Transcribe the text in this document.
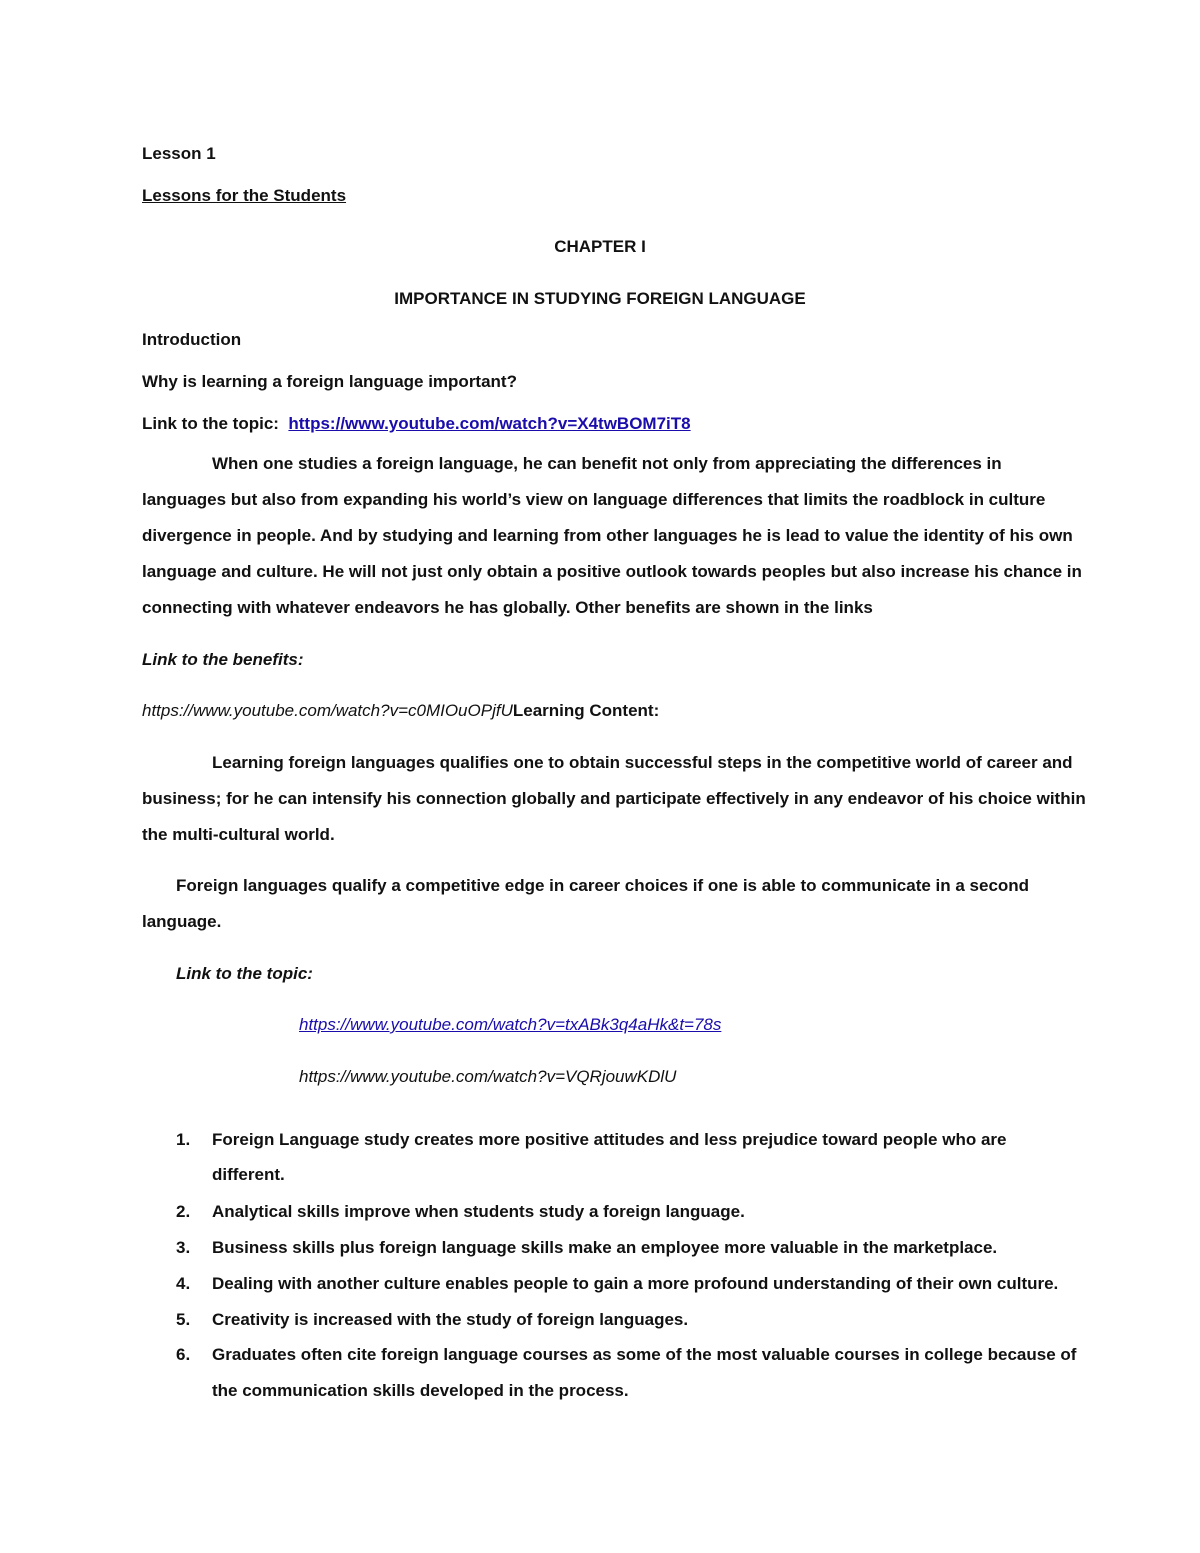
Lesson 1
Lessons for the Students
CHAPTER I
IMPORTANCE IN STUDYING FOREIGN LANGUAGE
Introduction
Why is learning a foreign language important?
Link to the topic: https://www.youtube.com/watch?v=X4twBOM7iT8
When one studies a foreign language, he can benefit not only from appreciating the differences in
languages but also from expanding his world’s view on language differences that limits the roadblock in culture
divergence in people. And by studying and learning from other languages he is lead to value the identity of his own
language and culture. He will not just only obtain a positive outlook towards peoples but also increase his chance in
connecting with whatever endeavors he has globally. Other benefits are shown in the links
Link to the benefits:
https://www.youtube.com/watch?v=c0MIOuOPjfULearning Content:
Learning foreign languages qualifies one to obtain successful steps in the competitive world of career and
business; for he can intensify his connection globally and participate effectively in any endeavor of his choice within
the multi-cultural world.
Foreign languages qualify a competitive edge in career choices if one is able to communicate in a second
language.
Link to the topic:
https://www.youtube.com/watch?v=txABk3q4aHk&t=78s
https://www.youtube.com/watch?v=VQRjouwKDlU
1. Foreign Language study creates more positive attitudes and less prejudice toward people who are
different.
2. Analytical skills improve when students study a foreign language.
3. Business skills plus foreign language skills make an employee more valuable in the marketplace.
4. Dealing with another culture enables people to gain a more profound understanding of their own culture.
5. Creativity is increased with the study of foreign languages.
6. Graduates often cite foreign language courses as some of the most valuable courses in college because of
the communication skills developed in the process.
